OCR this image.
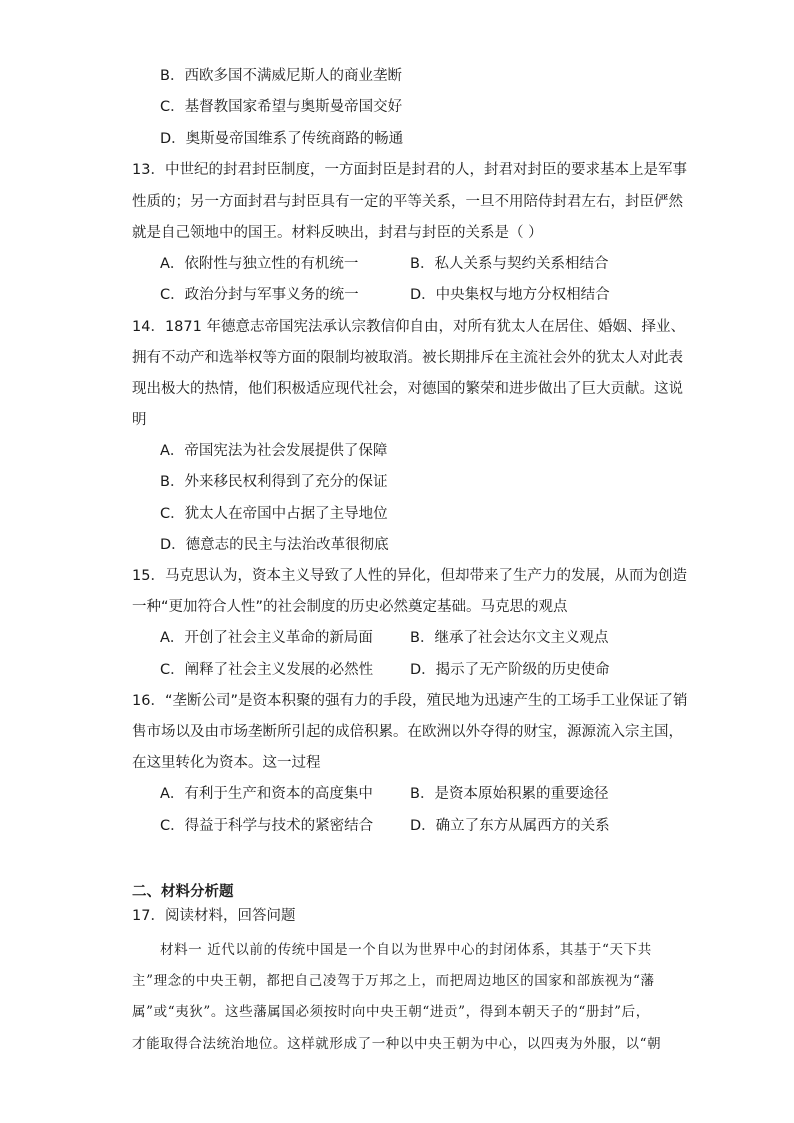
B．西欧多国不满威尼斯人的商业垄断
C．基督教国家希望与奥斯曼帝国交好
D．奥斯曼帝国维系了传统商路的畅通
13．中世纪的封君封臣制度，一方面封臣是封君的人，封君对封臣的要求基本上是军事
性质的；另一方面封君与封臣具有一定的平等关系，一旦不用陪侍封君左右，封臣俨然
就是自己领地中的国王。材料反映出，封君与封臣的关系是（ ）
A．依附性与独立性的有机统一	B．私人关系与契约关系相结合
C．政治分封与军事义务的统一	D．中央集权与地方分权相结合
14．1871 年德意志帝国宪法承认宗教信仰自由，对所有犹太人在居住、婚姻、择业、
拥有不动产和选举权等方面的限制均被取消。被长期排斥在主流社会外的犹太人对此表
现出极大的热情，他们积极适应现代社会，对德国的繁荣和进步做出了巨大贡献。这说
明
A．帝国宪法为社会发展提供了保障
B．外来移民权利得到了充分的保证
C．犹太人在帝国中占据了主导地位
D．德意志的民主与法治改革很彻底
15．马克思认为，资本主义导致了人性的异化，但却带来了生产力的发展，从而为创造
一种“更加符合人性”的社会制度的历史必然奠定基础。马克思的观点
A．开创了社会主义革命的新局面	B．继承了社会达尔文主义观点
C．阐释了社会主义发展的必然性	D．揭示了无产阶级的历史使命
16．“垄断公司”是资本积聚的强有力的手段，殖民地为迅速产生的工场手工业保证了销
售市场以及由市场垄断所引起的成倍积累。在欧洲以外夺得的财宝，源源流入宗主国，
在这里转化为资本。这一过程
A．有利于生产和资本的高度集中	B．是资本原始积累的重要途径
C．得益于科学与技术的紧密结合	D．确立了东方从属西方的关系
二、材料分析题
17．阅读材料，回答问题
材料一 近代以前的传统中国是一个自以为世界中心的封闭体系，其基于“天下共
主”理念的中央王朝，都把自己凌驾于万邦之上，而把周边地区的国家和部族视为“藩
属”或“夷狄”。这些藩属国必须按时向中央王朝“进贡”，得到本朝天子的“册封”后，
才能取得合法统治地位。这样就形成了一种以中央王朝为中心，以四夷为外服，以“朝
